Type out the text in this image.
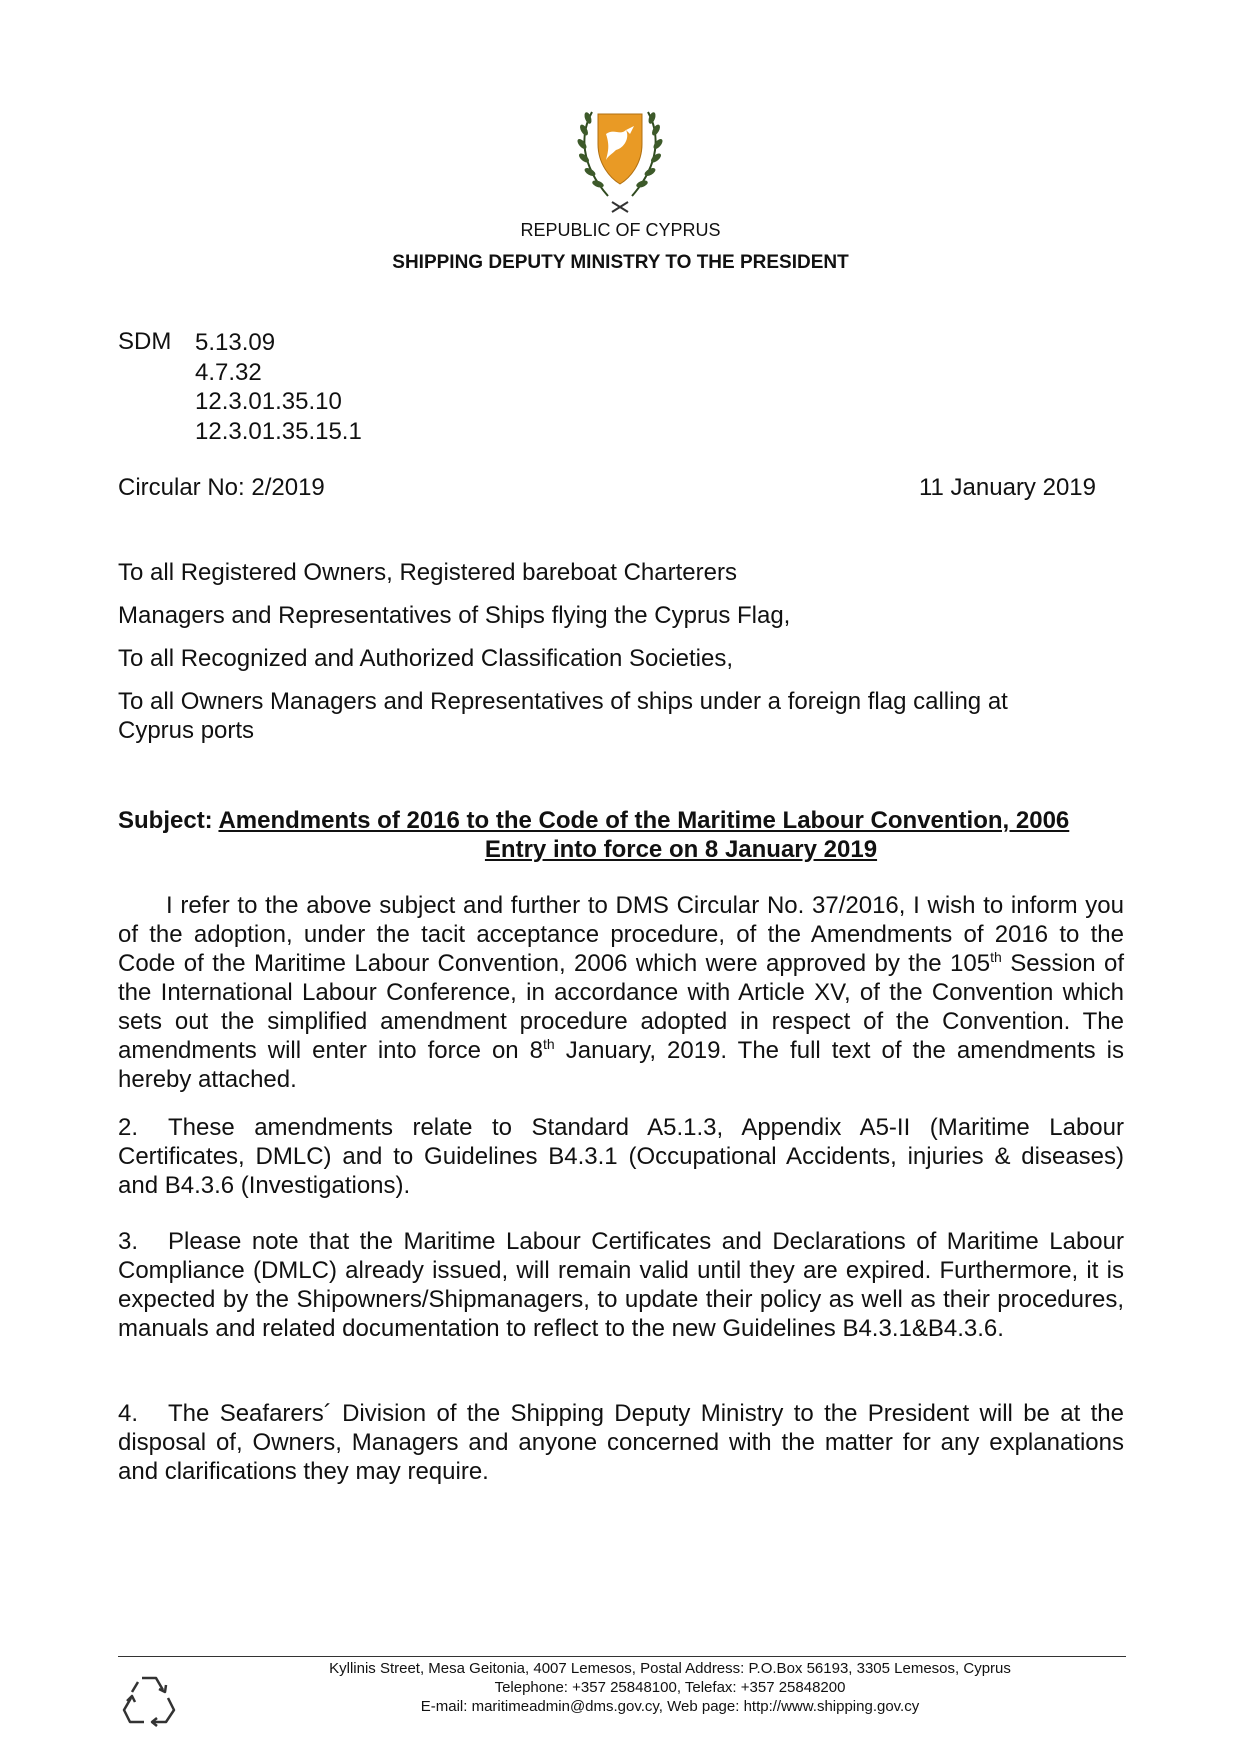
REPUBLIC OF CYPRUS
SHIPPING DEPUTY MINISTRY TO THE PRESIDENT
SDM 5.13.09
4.7.32
12.3.01.35.10
12.3.01.35.15.1
Circular No: 2/2019	11 January 2019
To all Registered Owners, Registered bareboat Charterers
Managers and Representatives of Ships flying the Cyprus Flag,
To all Recognized and Authorized Classification Societies,
To all Owners Managers and Representatives of ships under a foreign flag calling at Cyprus ports
Subject: Amendments of 2016 to the Code of the Maritime Labour Convention, 2006
Entry into force on 8 January 2019
I refer to the above subject and further to DMS Circular No. 37/2016, I wish to inform you of the adoption, under the tacit acceptance procedure, of the Amendments of 2016 to the Code of the Maritime Labour Convention, 2006 which were approved by the 105th Session of the International Labour Conference, in accordance with Article XV, of the Convention which sets out the simplified amendment procedure adopted in respect of the Convention. The amendments will enter into force on 8th January, 2019. The full text of the amendments is hereby attached.
2. These amendments relate to Standard A5.1.3, Appendix A5-II (Maritime Labour Certificates, DMLC) and to Guidelines B4.3.1 (Occupational Accidents, injuries & diseases) and B4.3.6 (Investigations).
3. Please note that the Maritime Labour Certificates and Declarations of Maritime Labour Compliance (DMLC) already issued, will remain valid until they are expired. Furthermore, it is expected by the Shipowners/Shipmanagers, to update their policy as well as their procedures, manuals and related documentation to reflect to the new Guidelines B4.3.1&B4.3.6.
4. The Seafarers´ Division of the Shipping Deputy Ministry to the President will be at the disposal of, Owners, Managers and anyone concerned with the matter for any explanations and clarifications they may require.
Kyllinis Street, Mesa Geitonia, 4007 Lemesos, Postal Address: P.O.Box 56193, 3305 Lemesos, Cyprus
Telephone: +357 25848100, Telefax: +357 25848200
E-mail: maritimeadmin@dms.gov.cy, Web page: http://www.shipping.gov.cy
